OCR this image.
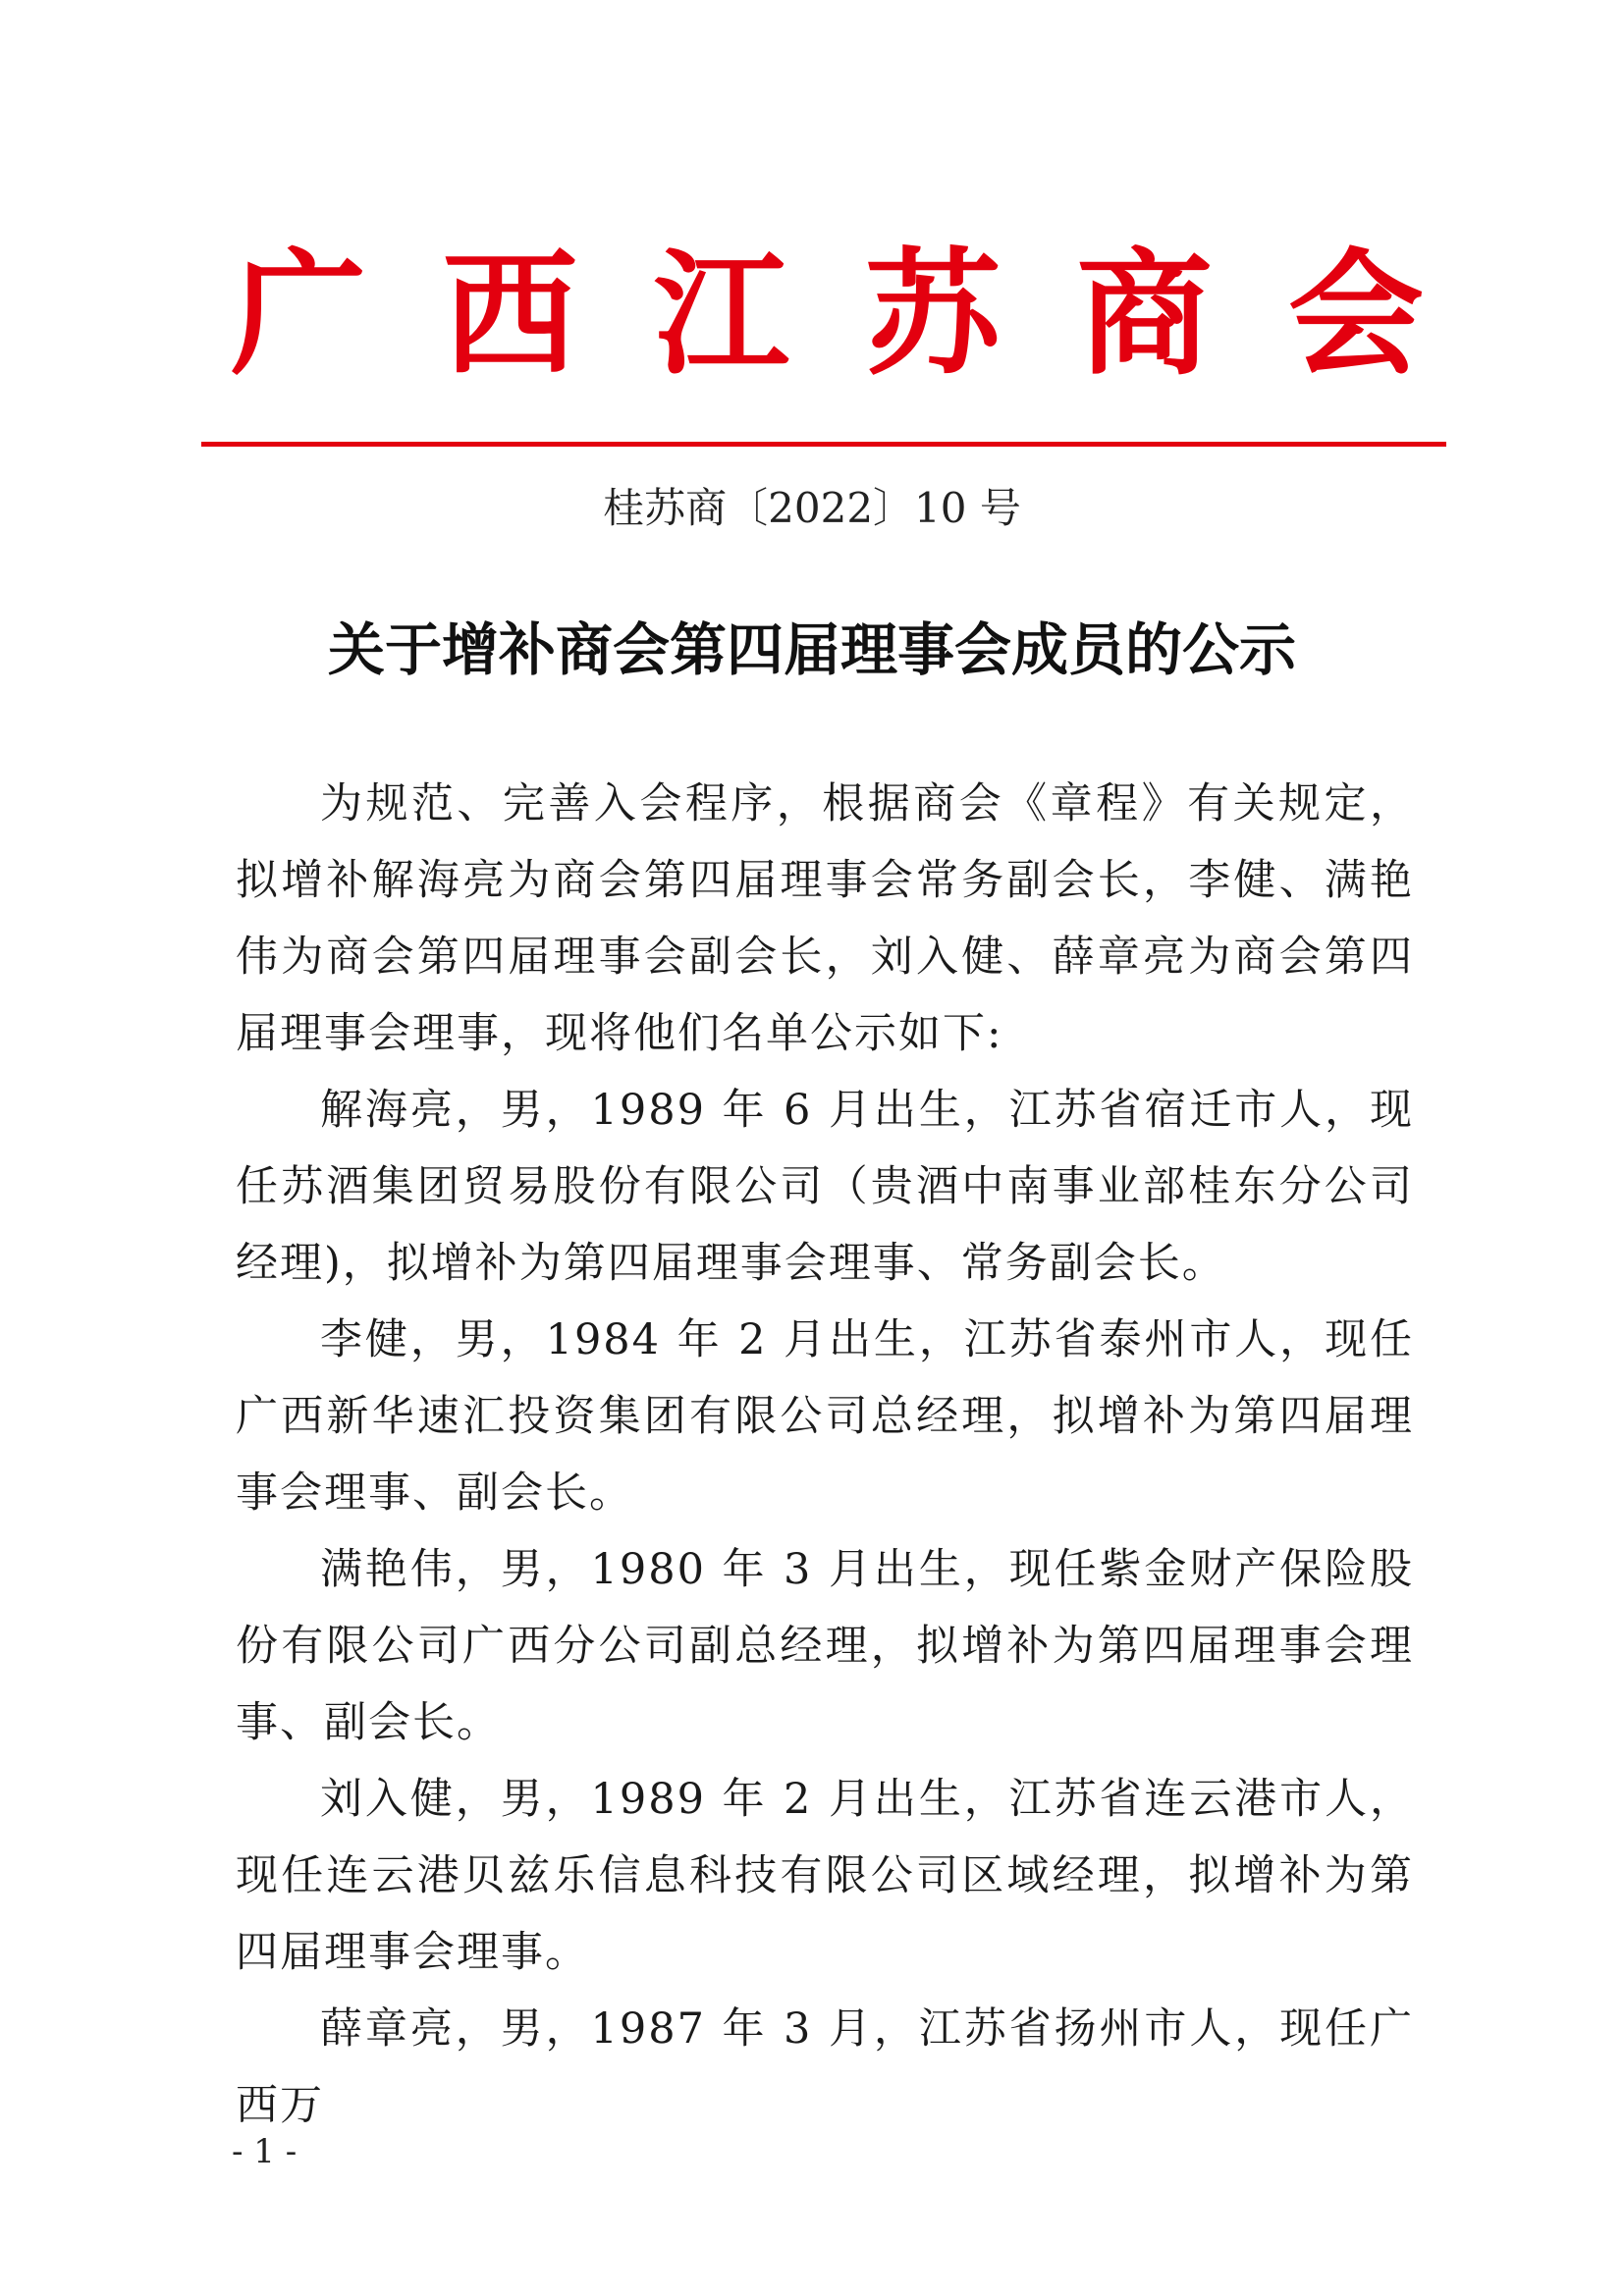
广 西 江 苏 商 会
桂苏商〔2022〕10 号
关于增补商会第四届理事会成员的公示

为规范、完善入会程序，根据商会《章程》有关规定，拟增补解海亮为商会第四届理事会常务副会长，李健、满艳伟为商会第四届理事会副会长，刘入健、薛章亮为商会第四届理事会理事，现将他们名单公示如下:

解海亮，男，1989 年 6 月出生，江苏省宿迁市人，现任苏酒集团贸易股份有限公司（贵酒中南事业部桂东分公司经理)，拟增补为第四届理事会理事、常务副会长。

李健，男，1984 年 2 月出生，江苏省泰州市人，现任广西新华速汇投资集团有限公司总经理，拟增补为第四届理事会理事、副会长。

满艳伟，男，1980 年 3 月出生，现任紫金财产保险股份有限公司广西分公司副总经理，拟增补为第四届理事会理事、副会长。

刘入健，男，1989 年 2 月出生，江苏省连云港市人，现任连云港贝兹乐信息科技有限公司区域经理，拟增补为第四届理事会理事。

薛章亮，男，1987 年 3 月，江苏省扬州市人，现任广西万

- 1 -
